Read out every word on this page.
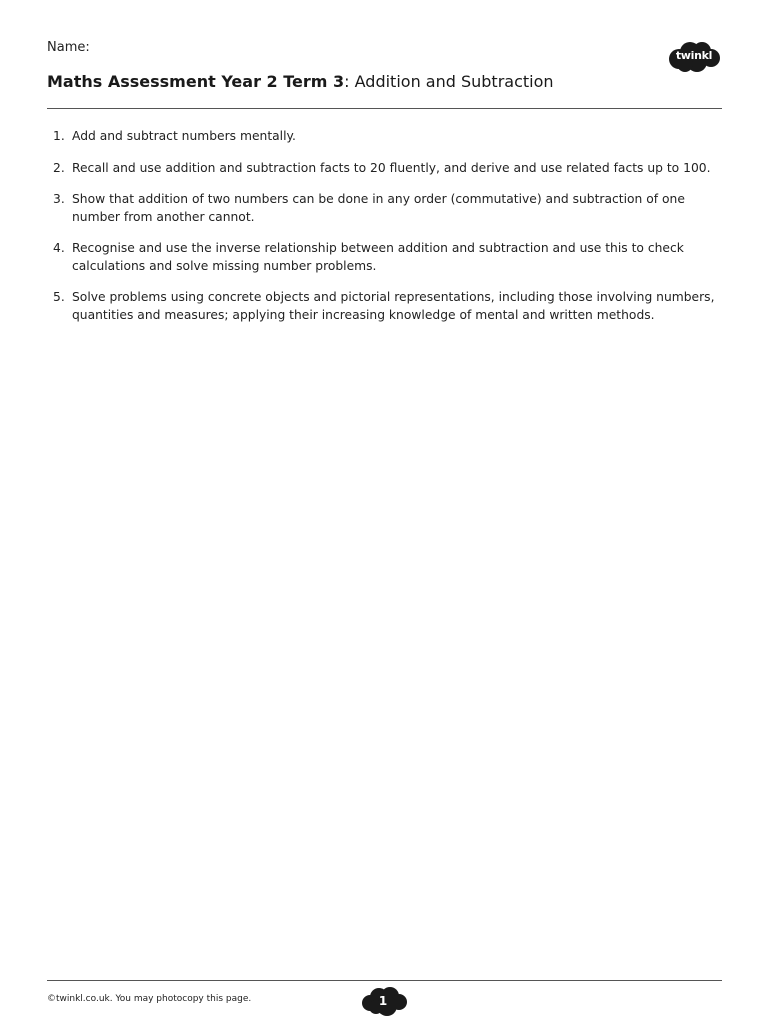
Name:
twinkl
Maths Assessment Year 2 Term 3: Addition and Subtraction
1. Add and subtract numbers mentally.
2. Recall and use addition and subtraction facts to 20 fluently, and derive and use related facts up to 100.
3. Show that addition of two numbers can be done in any order (commutative) and subtraction of one number from another cannot.
4. Recognise and use the inverse relationship between addition and subtraction and use this to check calculations and solve missing number problems.
5. Solve problems using concrete objects and pictorial representations, including those involving numbers, quantities and measures; applying their increasing knowledge of mental and written methods.
©twinkl.co.uk. You may photocopy this page.	1
